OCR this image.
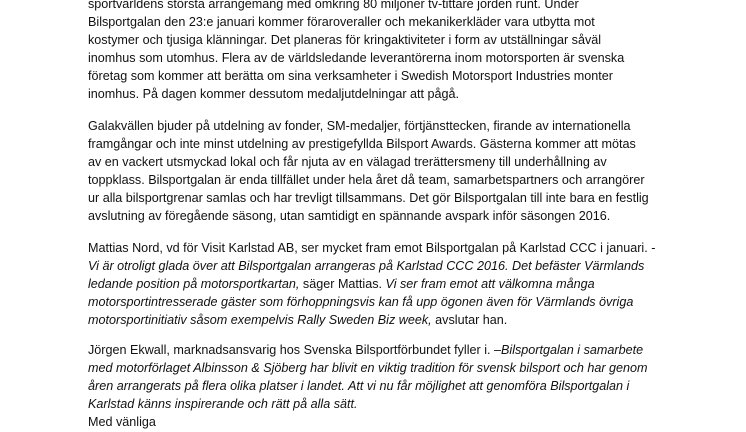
sportvärldens största arrangemang med omkring 80 miljoner tv-tittare jorden runt. Under
Bilsportgalan den 23:e januari kommer föraroveraller och mekanikerkläder vara utbytta mot
kostymer och tjusiga klänningar. Det planeras för kringaktiviteter i form av utställningar såväl
inomhus som utomhus. Flera av de världsledande leverantörerna inom motorsporten är svenska
företag som kommer att berätta om sina verksamheter i Swedish Motorsport Industries monter
inomhus. På dagen kommer dessutom medaljutdelningar att pågå.
Galakvällen bjuder på utdelning av fonder, SM-medaljer, förtjänsttecken, firande av internationella
framgångar och inte minst utdelning av prestigefyllda Bilsport Awards. Gästerna kommer att mötas
av en vackert utsmyckad lokal och får njuta av en välagad trerättersmeny till underhållning av
toppklass. Bilsportgalan är enda tillfället under hela året då team, samarbetspartners och arrangörer
ur alla bilsportgrenar samlas och har trevligt tillsammans. Det gör Bilsportgalan till inte bara en festlig
avslutning av föregående säsong, utan samtidigt en spännande avspark inför säsongen 2016.
Mattias Nord, vd för Visit Karlstad AB, ser mycket fram emot Bilsportgalan på Karlstad CCC i januari. -
Vi är otroligt glada över att Bilsportgalan arrangeras på Karlstad CCC 2016. Det befäster Värmlands
ledande position på motorsportkartan, säger Mattias. Vi ser fram emot att välkomna många
motorsportintresserade gäster som förhoppningsvis kan få upp ögonen även för Värmlands övriga
motorsportinitiativ såsom exempelvis Rally Sweden Biz week, avslutar han.
Jörgen Ekwall, marknadsansvarig hos Svenska Bilsportförbundet fyller i. –Bilsportgalan i samarbete
med motorförlaget Albinsson & Sjöberg har blivit en viktig tradition för svensk bilsport och har genom
åren arrangerats på flera olika platser i landet. Att vi nu får möjlighet att genomföra Bilsportgalan i
Karlstad känns inspirerande och rätt på alla sätt.
Med vänliga
